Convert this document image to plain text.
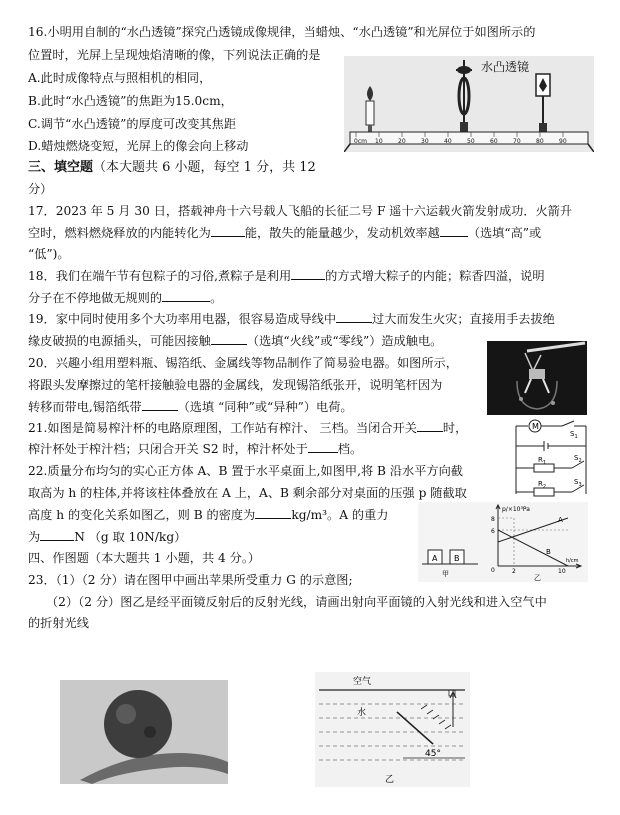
16.小明用自制的“水凸透镜”探究凸透镜成像规律，当蜡烛、“水凸透镜”和光屏位于如图所示的
位置时，光屏上呈现烛焰清晰的像，下列说法正确的是
A.此时成像特点与照相机的相同，
B.此时“水凸透镜”的焦距为15.0cm，
C.调节“水凸透镜”的厚度可改变其焦距
D.蜡烛燃烧变短，光屏上的像会向上移动
水凸透镜
0cm 10	20	30	40	50	60	70	80	90
三、填空题（本大题共 6 小题，每空 1 分，共 12
分）
17．2023 年 5 月 30 日，搭载神舟十六号载人飞船的长征二号 F 遥十六运载火箭发射成功．火箭升
空时，燃料燃烧释放的内能转化为	能，散失的能量越少，发动机效率越 （选填“高”或
“低”)。
18．我们在端午节有包粽子的习俗,煮粽子是利用	的方式增大粽子的内能；粽香四溢，说明
分子在不停地做无规则的	。
19．家中同时使用多个大功率用电器，很容易造成导线中	过大而发生火灾；直接用手去拔绝
缘皮破损的电源插头，可能因接触	（选填“火线”或“零线”）造成触电。
20．兴趣小组用塑料瓶、锡箔纸、金属线等物品制作了简易验电器。如图所示，
将跟头发摩擦过的笔杆接触验电器的金属线，发现锡箔纸张开，说明笔杆因为
转移而带电,锡箔纸带	（选填 “同种”或“异种”）电荷。
21.如图是简易榨汁杯的电路原理图，工作站有榨汁、 三档。当闭合开关 时，
榨汁杯处于榨汁档；只闭合开关 S2 时，榨汁杯处于 档。
M
$S_1$
$S_2$
$S_3$
$R_1$
$R_2$
22.质量分布均匀的实心正方体 A、B 置于水平桌面上,如图甲,将 B 沿水平方向截
取高为 h 的柱体,并将该柱体叠放在 A 上，A、B 剩余部分对桌面的压强 p 随截取
高度 h 的变化关系如图乙，则 B 的密度为	kg/m³。A 的重力
为	N （g 取 10N/kg）
A B
甲
p/×10³Pa
8
6
0	2	10
h/cm
A
B
乙
四、作图题（本大题共 1 小题，共 4 分。）
23．（1）（2 分）请在图甲中画出苹果所受重力 G 的示意图;
（2）（2 分）图乙是经平面镜反射后的反射光线，请画出射向平面镜的入射光线和进入空气中
的折射光线
空气
水
45°
乙
